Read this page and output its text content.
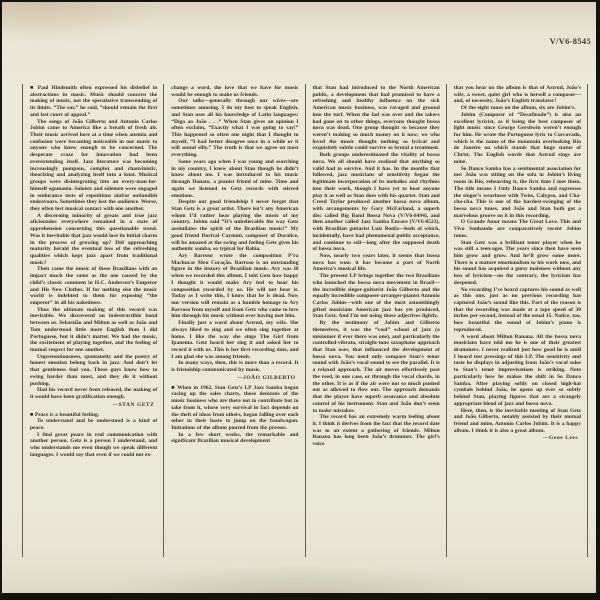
V/V6-8545

■ Paul Hindemith often expressed his disbelief in abstractions in music. Music should concern the making of music, not the speculative transcending of its limits. “The ear,” he said, “should remain the first and last court of appeal.”

The songs of João Gilberto and Antonio Carlos Jobim came to America like a breath of fresh air. Their music arrived here at a time when anemia and confusion were becoming noticeable in our music to anyone who knew enough to be concerned. The desperate craze for innovation had been overextending itself. Jazz literature was becoming increasingly pompous, complex and chauvinistic, theorizing and analyzing itself into a knot. Musical groups were disintegrating into an every-man-for-himself egomania. Soloists and sidemen were engaged in endurance tests of repetitious and/or outlandish endeavours. Sometimes they lost the audience. Worse, they often lost musical contact with one another.

A discerning minority of greats and true jazz aficionados everywhere remained in a state of apprehension concerning this questionable trend. Was it inevitable that jazz would lose its initial charm in the process of growing up? Did approaching maturity herald the eventual loss of the refreshing qualities which kept jazz apart from traditional music?

Then came the music of these Brazilians with an impact much the same as the one caused by the child’s classic comment in H.C. Andersen’s Emperor and His New Clothes. If for nothing else the music world is indebted to them for exposing “the emperor” in all his nakedness.

Thus the ultimate making of this record was inevitable. We discovered an indestructible bond between us. Sebastião and Milton as well as João and Tom understood little more English than I did Portuguese, but it didn’t matter. We had the music, the excitement of playing together, and the feeling of mutual respect for one another.

Unpretentiousness, spontaneity and the poetry of honest emotion belong back in jazz. And don’t let that gentleness fool you. These guys know how to swing harder than most, and they do it without pushing.

Had his record never been released, the making of it would have been gratification enough.

—STAN GETZ

■ Peace is a beautiful feeling.

To understand and be understood is a kind of peace.

I find great peace in real communication with another person. Getz is a person I understand, and who understands me even though we speak different languages. I would say that even if we could not ex-

change a word, the love that we have for music would be enough to make us friends.

Our talks—generally through our wives—are sometimes amusing. I do my best to speak English, and Stan uses all his knowledge of Latin languages: “Diga ao João . . .” When Stan gives an opinion I often exclaim, “Exactly what I was going to say!” This happened so often one night that I thought to myself, “I had better disagree once in a while or it will sound silly.” The truth is that we agree on most everything.

Some years ago when I was young and searching in my country, I knew about Stan though he didn’t know about me. I was introduced to his music through Donato, a pianist friend of mine. Time and again we listened to Getz records with stirred emotions.

Despite our good friendship I never forget that Stan Getz is a great artist. There isn’t any American whom I’d rather hear playing the music of my country. Jobim said “It’s unbelievable the way Getz assimilates the spirit of the Brazilian music!” My good friend Dorival Caymmi, composer of Doralice, will be amazed at the swing and feeling Getz gives his authentic samba, so typical for Bahia.

Ary Barroso wrote the composition P’ra Machucar Meu Coração. Barroso is an outstanding figure in the history of Brazilian music. Ary was ill when we recorded this album. I told Getz how happy I thought it would make Ary feel to hear his composition recorded by us. He will not hear it. Today as I write this, I know that he is dead. Now our version will remain as a humble homage to Ary Barroso from myself and from Getz who came to love him through his music without ever having met him.

Finally just a word about Astrud, my wife. She always liked to sing and we often sing together at home. I like the way she sings The Girl from Ipanema. Getz heard her sing it and asked her to record it with us. This is her first recording date, and I am glad she was among friends.

In many ways, then, this is more than a record. It is friendship communicated by music.

—JOÃO GILBERTO

■ When in 1962, Stan Getz’s LP Jazz Samba began racing up the sales charts, those denizens of the music business who are there not to contribute but to take from it, whose very survival in fact depends on the theft of ideas from others, began falling over each other in their haste to jump on the bandwagon. Imitations of the album poured from the presses.

In a few short weeks, the remarkable and significant Brazilian musical development

that Stan had introduced to the North American public, a development that had promised to have a refreshing and healthy influence on the sick American music business, was ravaged and ground into the turf. When the fad was over and the takers had gone on to other things, everyone thought bossa nova was dead. One group thought so because they weren’t making so much money on it now; we who loved the music thought nothing so lyrical and exquisitely subtle could survive so brutal a treatment.

Both groups underestimated the vitality of bossa nova. We all should have realized that anything so valid had to survive. And it has. In the months that followed, jazz musicians of sensitivity began the legitimate incorporation of its melodies and rhythms into their work, though I have yet to hear anyone play it as well as Stan does with his quartet. Stan and Creed Taylor produced another bossa nova album, with arrangements by Gary McFarland, a superb disc called Big Band Bossa Nova (V/V6-8494), and then another called Jazz Samba Encore (V/V6-8523), with Brazilian guitarist Luiz Bonfa—both of which, incidentally, have had phenomenal public acceptance, and continue to sell—long after the supposed death of bossa nova.

Now, nearly two years later, it seems that bossa nova has won: it has become a part of North America’s musical life.

The present LP brings together the two Brazilians who launched the bossa nova movement in Brazil—the incredible singer-guitarist João Gilberto and the equally incredible composer-arranger-pianist Antonio Carlos Jobim—with one of the most astonishingly gifted musicians American jazz has yet produced, Stan Getz. And I’m not using those adjectives lightly.

By the testimony of Jobim and Gilberto themselves, it was the “cool” school of jazz (a misnomer if ever there was one), and particularly the controlled-vibrato, straight-tone saxophone approach that Stan uses, that influenced the development of bossa nova. You need only compare Stan’s tenor sound with João’s vocal sound to see the parallel. It is a relaxed approach. The air moves effortlessly past the reed, in one case, or through the vocal chords, in the other. It is as if the air were not so much pushed out as allowed to flow out. The approach demands that the player have superb assurance and absolute control of his instrument. Stan and João don’t seem to make mistakes.

The record has an extremely warm feeling about it. I think it derives from the fact that the record date was to an extent a gathering of friends. Milton Banana has long been João’s drummer. The girl’s voice

that you hear on the album is that of Astrud, João’s wife, a sweet, quiet girl who is herself a composer—and, of necessity, João’s English translator!

Of the eight tunes on the album, six are Jobim’s.

Jobim (Composer of “Desafinado”) is also an excellent lyricist, as if being the best composer of light music since George Gershwin weren’t enough for him. He wrote the Portuguese lyric to Corcovado, which is the name of the mountain overlooking Rio de Janeiro on which stands that huge statue of Christ. The English words that Astrud sings are mine.

So Danco Samba has a sentimental association for me: João was sitting on the sofa in Jobim’s living room in Rio, rehearsing it, the first time I met them. The title means I Only Dance Samba and expresses the singer’s weariness with Twist, Calypso, and Cha-cha-cha. This is one of the hardest-swinging of the bossa nova tunes, and João and Stan both got a marvelous groove on it in this recording.

O Grande Amor means The Great Love. This and Vivo Sonhando are comparatively recent Jobim tunes.

Stan Getz was a brilliant tenor player when he was still a teen-ager. The years since then have seen him grow and grow. And he’ll grow some more. There is a mature emotionalism to his work now, and his sound has acquired a gutsy maleness without any loss of lyricism—on the contrary, the lyricism has deepened.

No recording I’ve heard captures his sound as well as this one, just as no previous recording has captured João’s sound like this. Part of the reason is that the recording was made at a tape speed of 30 inches per second, instead of the usual 15. Notice, too, how beautiful the sound of Jobim’s piano is reproduced.

A word about Milton Banana. All the bossa nova musicians have told me he is one of their greatest drummers. I never realized just how good he is until I heard test pressings of this LP. The sensitivity and taste he displays in adjusting from João’s vocal solos to Stan’s tenor improvisations is striking. Note particularly how he makes the shift in So Danco Samba. After playing softly on closed high-hat cymbals behind João, he opens up ever so subtly behind Stan, playing figures that are a strangely appropriate blend of jazz and bossa nova.

Here, then, is the inevitable meeting of Stan Getz and João Gilberto, notably assisted by their mutual friend and mine, Antonio Carlos Jobim. It is a happy album. I think it is also a great album.

—Gene Lees
